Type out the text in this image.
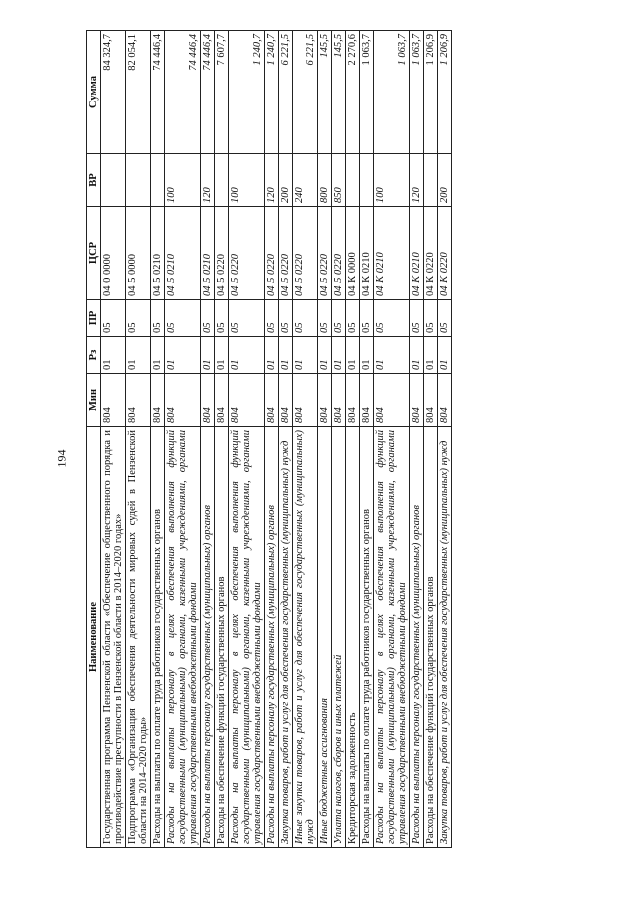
194
Наименование	Мин	Рз	ПР	ЦСР	ВР	Сумма
Государственная программа Пензенской области «Обеспечение общественного порядка и противодействие преступности в Пензенской области в 2014–2020 годах»	804	01	05	04 0 0000		84 324,7
Подпрограмма «Организация обеспечения деятельности мировых судей в Пензенской области на 2014–2020 годы»	804	01	05	04 5 0000		82 054,1
Расходы на выплаты по оплате труда работников государственных органов	804	01	05	04 5 0210		74 446,4
Расходы на выплаты персоналу в целях обеспечения выполнения функций государственными (муниципальными) органами, казенными учреждениями, органами управления государственными внебюджетными фондами	804	01	05	04 5 0210	100	74 446,4
Расходы на выплаты персоналу государственных (муниципальных) органов	804	01	05	04 5 0210	120	74 446,4
Расходы на обеспечение функций государственных органов	804	01	05	04 5 0220		7 607,7
Расходы на выплаты персоналу в целях обеспечения выполнения функций государственными (муниципальными) органами, казенными учреждениями, органами управления государственными внебюджетными фондами	804	01	05	04 5 0220	100	1 240,7
Расходы на выплаты персоналу государственных (муниципальных) органов	804	01	05	04 5 0220	120	1 240,7
Закупка товаров, работ и услуг для обеспечения государственных (муниципальных) нужд	804	01	05	04 5 0220	200	6 221,5
Иные закупки товаров, работ и услуг для обеспечения государственных (муниципальных) нужд	804	01	05	04 5 0220	240	6 221,5
Иные бюджетные ассигнования	804	01	05	04 5 0220	800	145,5
Уплата налогов, сборов и иных платежей	804	01	05	04 5 0220	850	145,5
Кредиторская задолженность	804	01	05	04 К 0000		2 270,6
Расходы на выплаты по оплате труда работников государственных органов	804	01	05	04 К 0210		1 063,7
Расходы на выплаты персоналу в целях обеспечения выполнения функций государственными (муниципальными) органами, казенными учреждениями, органами управления государственными внебюджетными фондами	804	01	05	04 К 0210	100	1 063,7
Расходы на выплаты персоналу государственных (муниципальных) органов	804	01	05	04 К 0210	120	1 063,7
Расходы на обеспечение функций государственных органов	804	01	05	04 К 0220		1 206,9
Закупка товаров, работ и услуг для обеспечения государственных (муниципальных) нужд	804	01	05	04 К 0220	200	1 206,9
